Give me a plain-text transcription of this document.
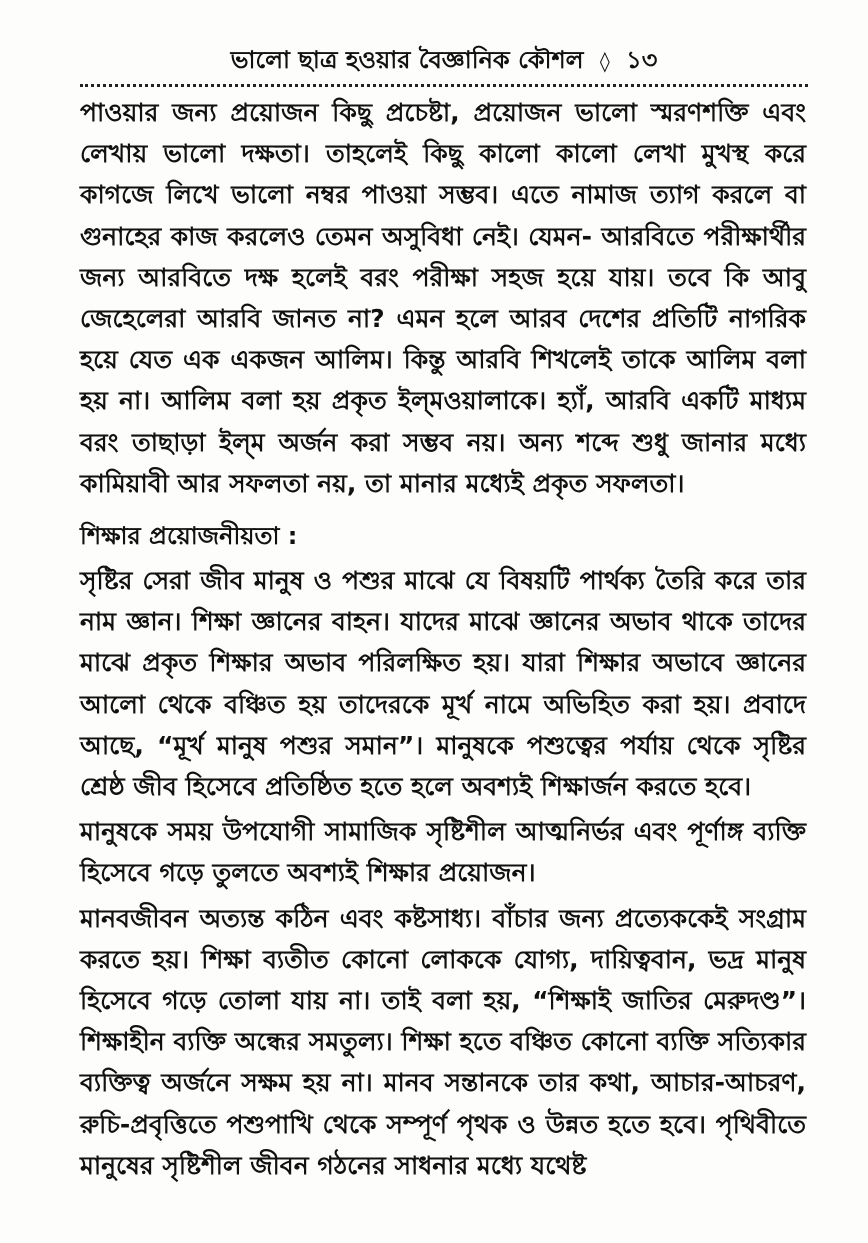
ভালো ছাত্র হওয়ার বৈজ্ঞানিক কৌশল ◊ ১৩

পাওয়ার জন্য প্রয়োজন কিছু প্রচেষ্টা, প্রয়োজন ভালো স্মরণশক্তি এবং লেখায় ভালো দক্ষতা। তাহলেই কিছু কালো কালো লেখা মুখস্থ করে কাগজে লিখে ভালো নম্বর পাওয়া সম্ভব। এতে নামাজ ত্যাগ করলে বা গুনাহের কাজ করলেও তেমন অসুবিধা নেই। যেমন- আরবিতে পরীক্ষার্থীর জন্য আরবিতে দক্ষ হলেই বরং পরীক্ষা সহজ হয়ে যায়। তবে কি আবু জেহেলেরা আরবি জানত না? এমন হলে আরব দেশের প্রতিটি নাগরিক হয়ে যেত এক একজন আলিম। কিন্তু আরবি শিখলেই তাকে আলিম বলা হয় না। আলিম বলা হয় প্রকৃত ইল্‌মওয়ালাকে। হ্যাঁ, আরবি একটি মাধ্যম বরং তাছাড়া ইল্‌ম অর্জন করা সম্ভব নয়। অন্য শব্দে শুধু জানার মধ্যে কামিয়াবী আর সফলতা নয়, তা মানার মধ্যেই প্রকৃত সফলতা।

শিক্ষার প্রয়োজনীয়তা :

সৃষ্টির সেরা জীব মানুষ ও পশুর মাঝে যে বিষয়টি পার্থক্য তৈরি করে তার নাম জ্ঞান। শিক্ষা জ্ঞানের বাহন। যাদের মাঝে জ্ঞানের অভাব থাকে তাদের মাঝে প্রকৃত শিক্ষার অভাব পরিলক্ষিত হয়। যারা শিক্ষার অভাবে জ্ঞানের আলো থেকে বঞ্চিত হয় তাদেরকে মূর্খ নামে অভিহিত করা হয়। প্রবাদে আছে, “মূর্খ মানুষ পশুর সমান”। মানুষকে পশুত্বের পর্যায় থেকে সৃষ্টির শ্রেষ্ঠ জীব হিসেবে প্রতিষ্ঠিত হতে হলে অবশ্যই শিক্ষার্জন করতে হবে।

মানুষকে সময় উপযোগী সামাজিক সৃষ্টিশীল আত্মনির্ভর এবং পূর্ণাঙ্গ ব্যক্তি হিসেবে গড়ে তুলতে অবশ্যই শিক্ষার প্রয়োজন।

মানবজীবন অত্যন্ত কঠিন এবং কষ্টসাধ্য। বাঁচার জন্য প্রত্যেককেই সংগ্রাম করতে হয়। শিক্ষা ব্যতীত কোনো লোককে যোগ্য, দায়িত্ববান, ভদ্র মানুষ হিসেবে গড়ে তোলা যায় না। তাই বলা হয়, “শিক্ষাই জাতির মেরুদণ্ড”। শিক্ষাহীন ব্যক্তি অন্ধের সমতুল্য। শিক্ষা হতে বঞ্চিত কোনো ব্যক্তি সত্যিকার ব্যক্তিত্ব অর্জনে সক্ষম হয় না। মানব সন্তানকে তার কথা, আচার-আচরণ, রুচি-প্রবৃত্তিতে পশুপাখি থেকে সম্পূর্ণ পৃথক ও উন্নত হতে হবে। পৃথিবীতে মানুষের সৃষ্টিশীল জীবন গঠনের সাধনার মধ্যে যথেষ্ট
